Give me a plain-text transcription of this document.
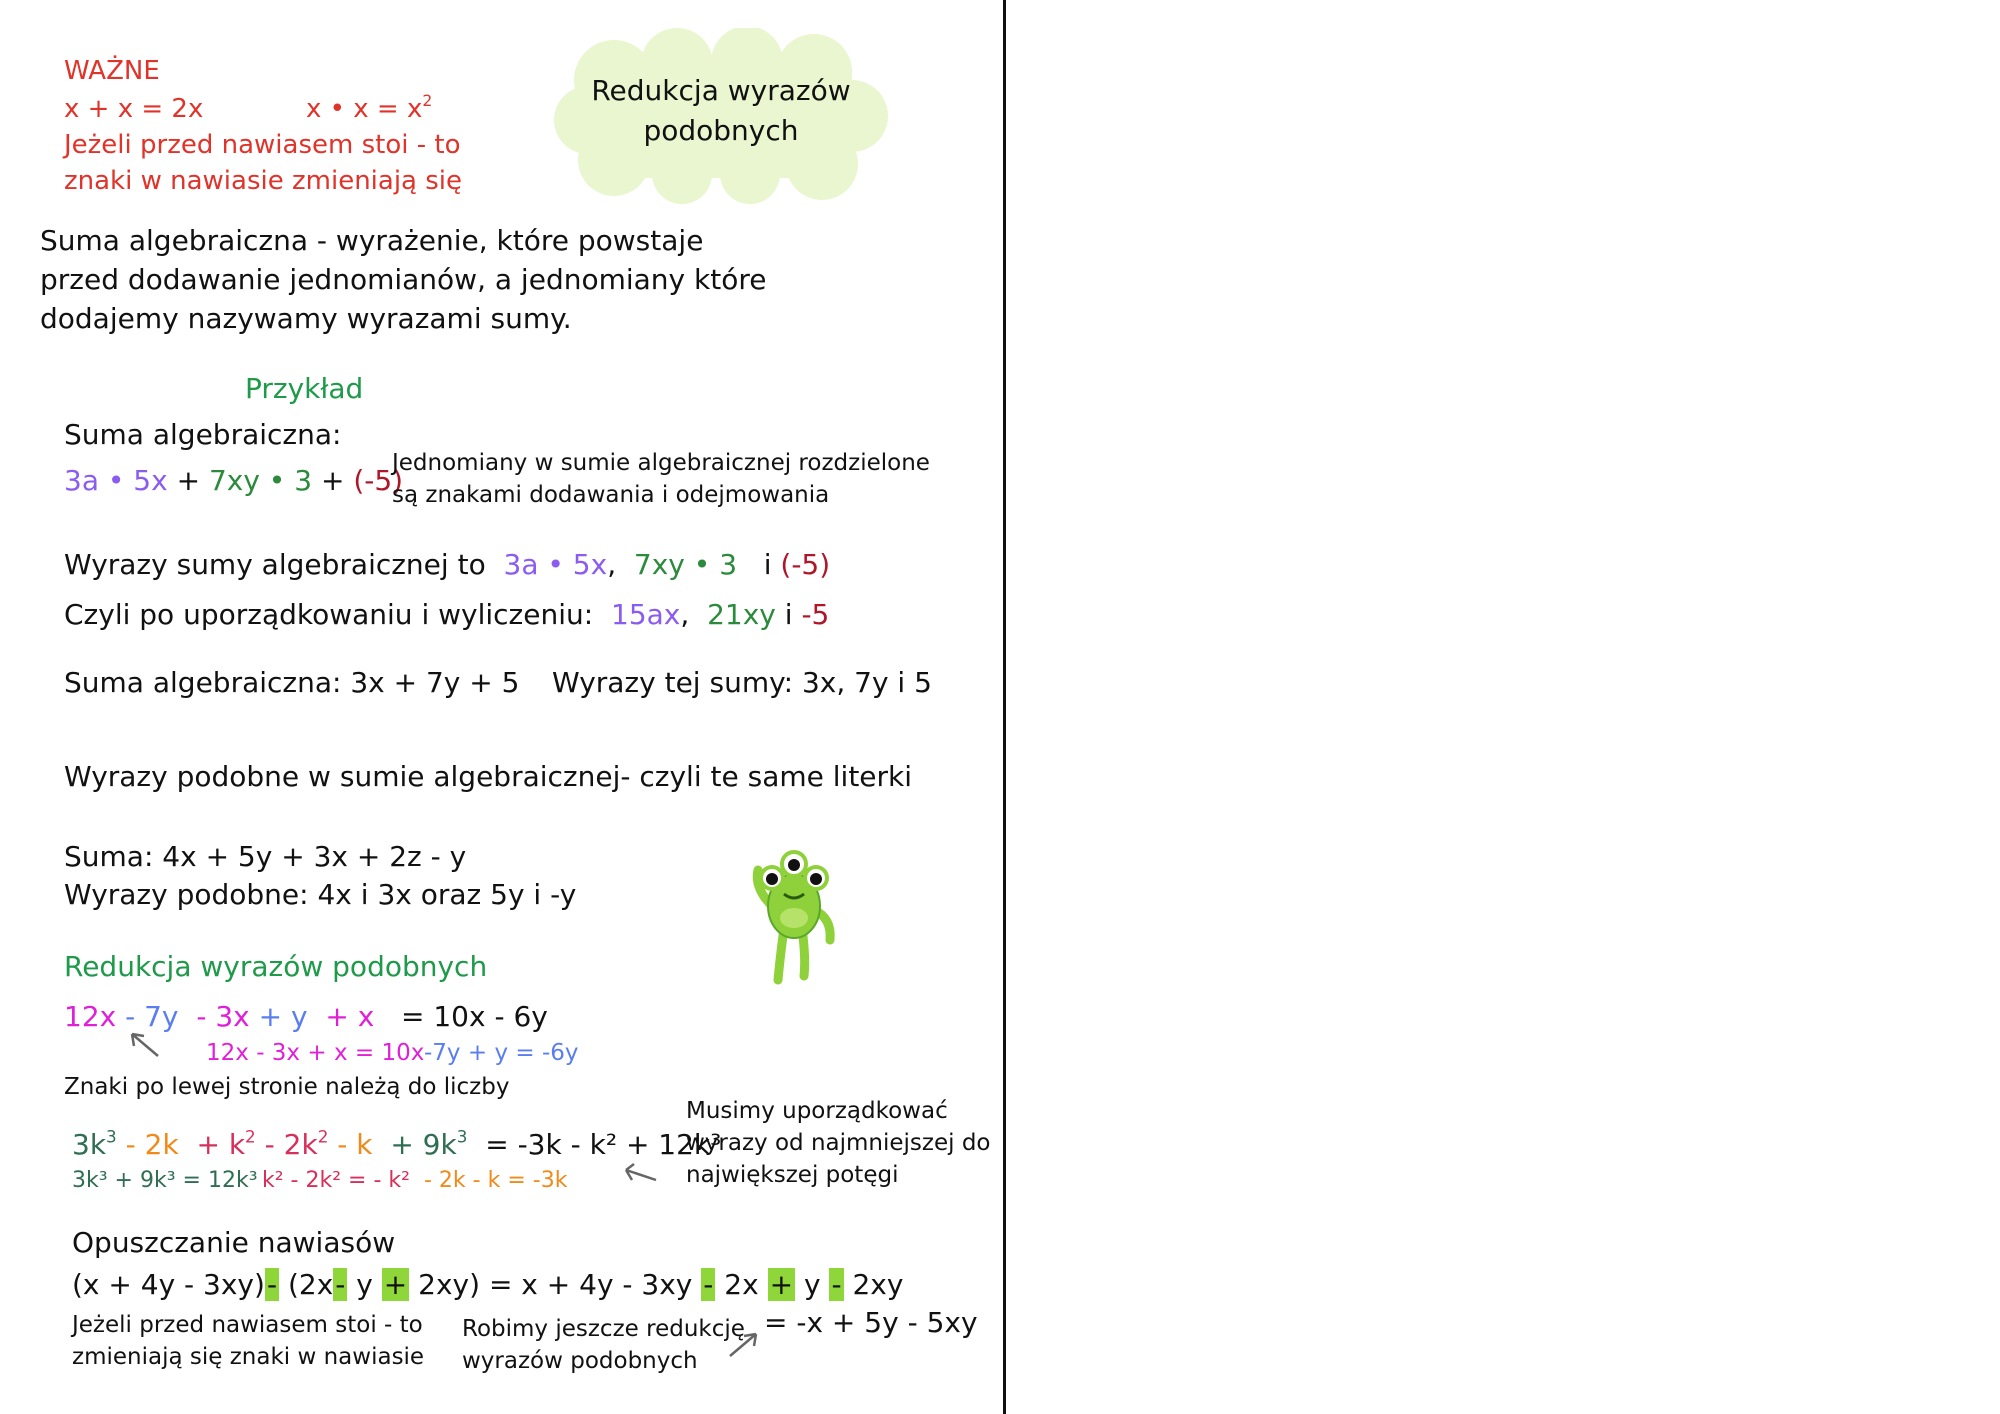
WAŻNE
x + x = 2x	x • $x = x^2$
Jeżeli przed nawiasem stoi - to
znaki w nawiasie zmieniają się
Redukcja wyrazów
podobnych
Suma algebraiczna - wyrażenie, które powstaje
przed dodawanie jednomianów, a jednomiany które
dodajemy nazywamy wyrazami sumy.
Przykład
Suma algebraiczna:
3a • 5x + 7xy • 3 + (-5)
Jednomiany w sumie algebraicznej rozdzielone
są znakami dodawania i odejmowania
Wyrazy sumy algebraicznej to 3a • 5x, 7xy • 3 i (-5)
Czyli po uporządkowaniu i wyliczeniu: 15ax, 21xy i -5
Suma algebraiczna: 3x + 7y + 5 Wyrazy tej sumy: 3x, 7y i 5
Wyrazy podobne w sumie algebraicznej- czyli te same literki
Suma: 4x + 5y + 3x + 2z - y
Wyrazy podobne: 4x i 3x oraz 5y i -y
Redukcja wyrazów podobnych
12x - 7y - 3x + y + x = 10x - 6y
12x - 3x + x = 10x -7y + y = -6y
Znaki po lewej stronie należą do liczby
Musimy uporządkować
wyrazy od najmniejszej do
największej potęgi
$3k^3 - 2k + k^2 - 2k^2 - k + 9k^3 = -3k - k^2 + 12k^3$
3k³ + 9k³ = 12k³ k² - 2k² = - k² - 2k - k = -3k
Opuszczanie nawiasów
(x + 4y - 3xy)- (2x- y + 2xy) = x + 4y - 3xy - 2x + y - 2xy
Jeżeli przed nawiasem stoi - to
zmieniają się znaki w nawiasie
Robimy jeszcze redukcję
wyrazów podobnych
= -x + 5y - 5xy
